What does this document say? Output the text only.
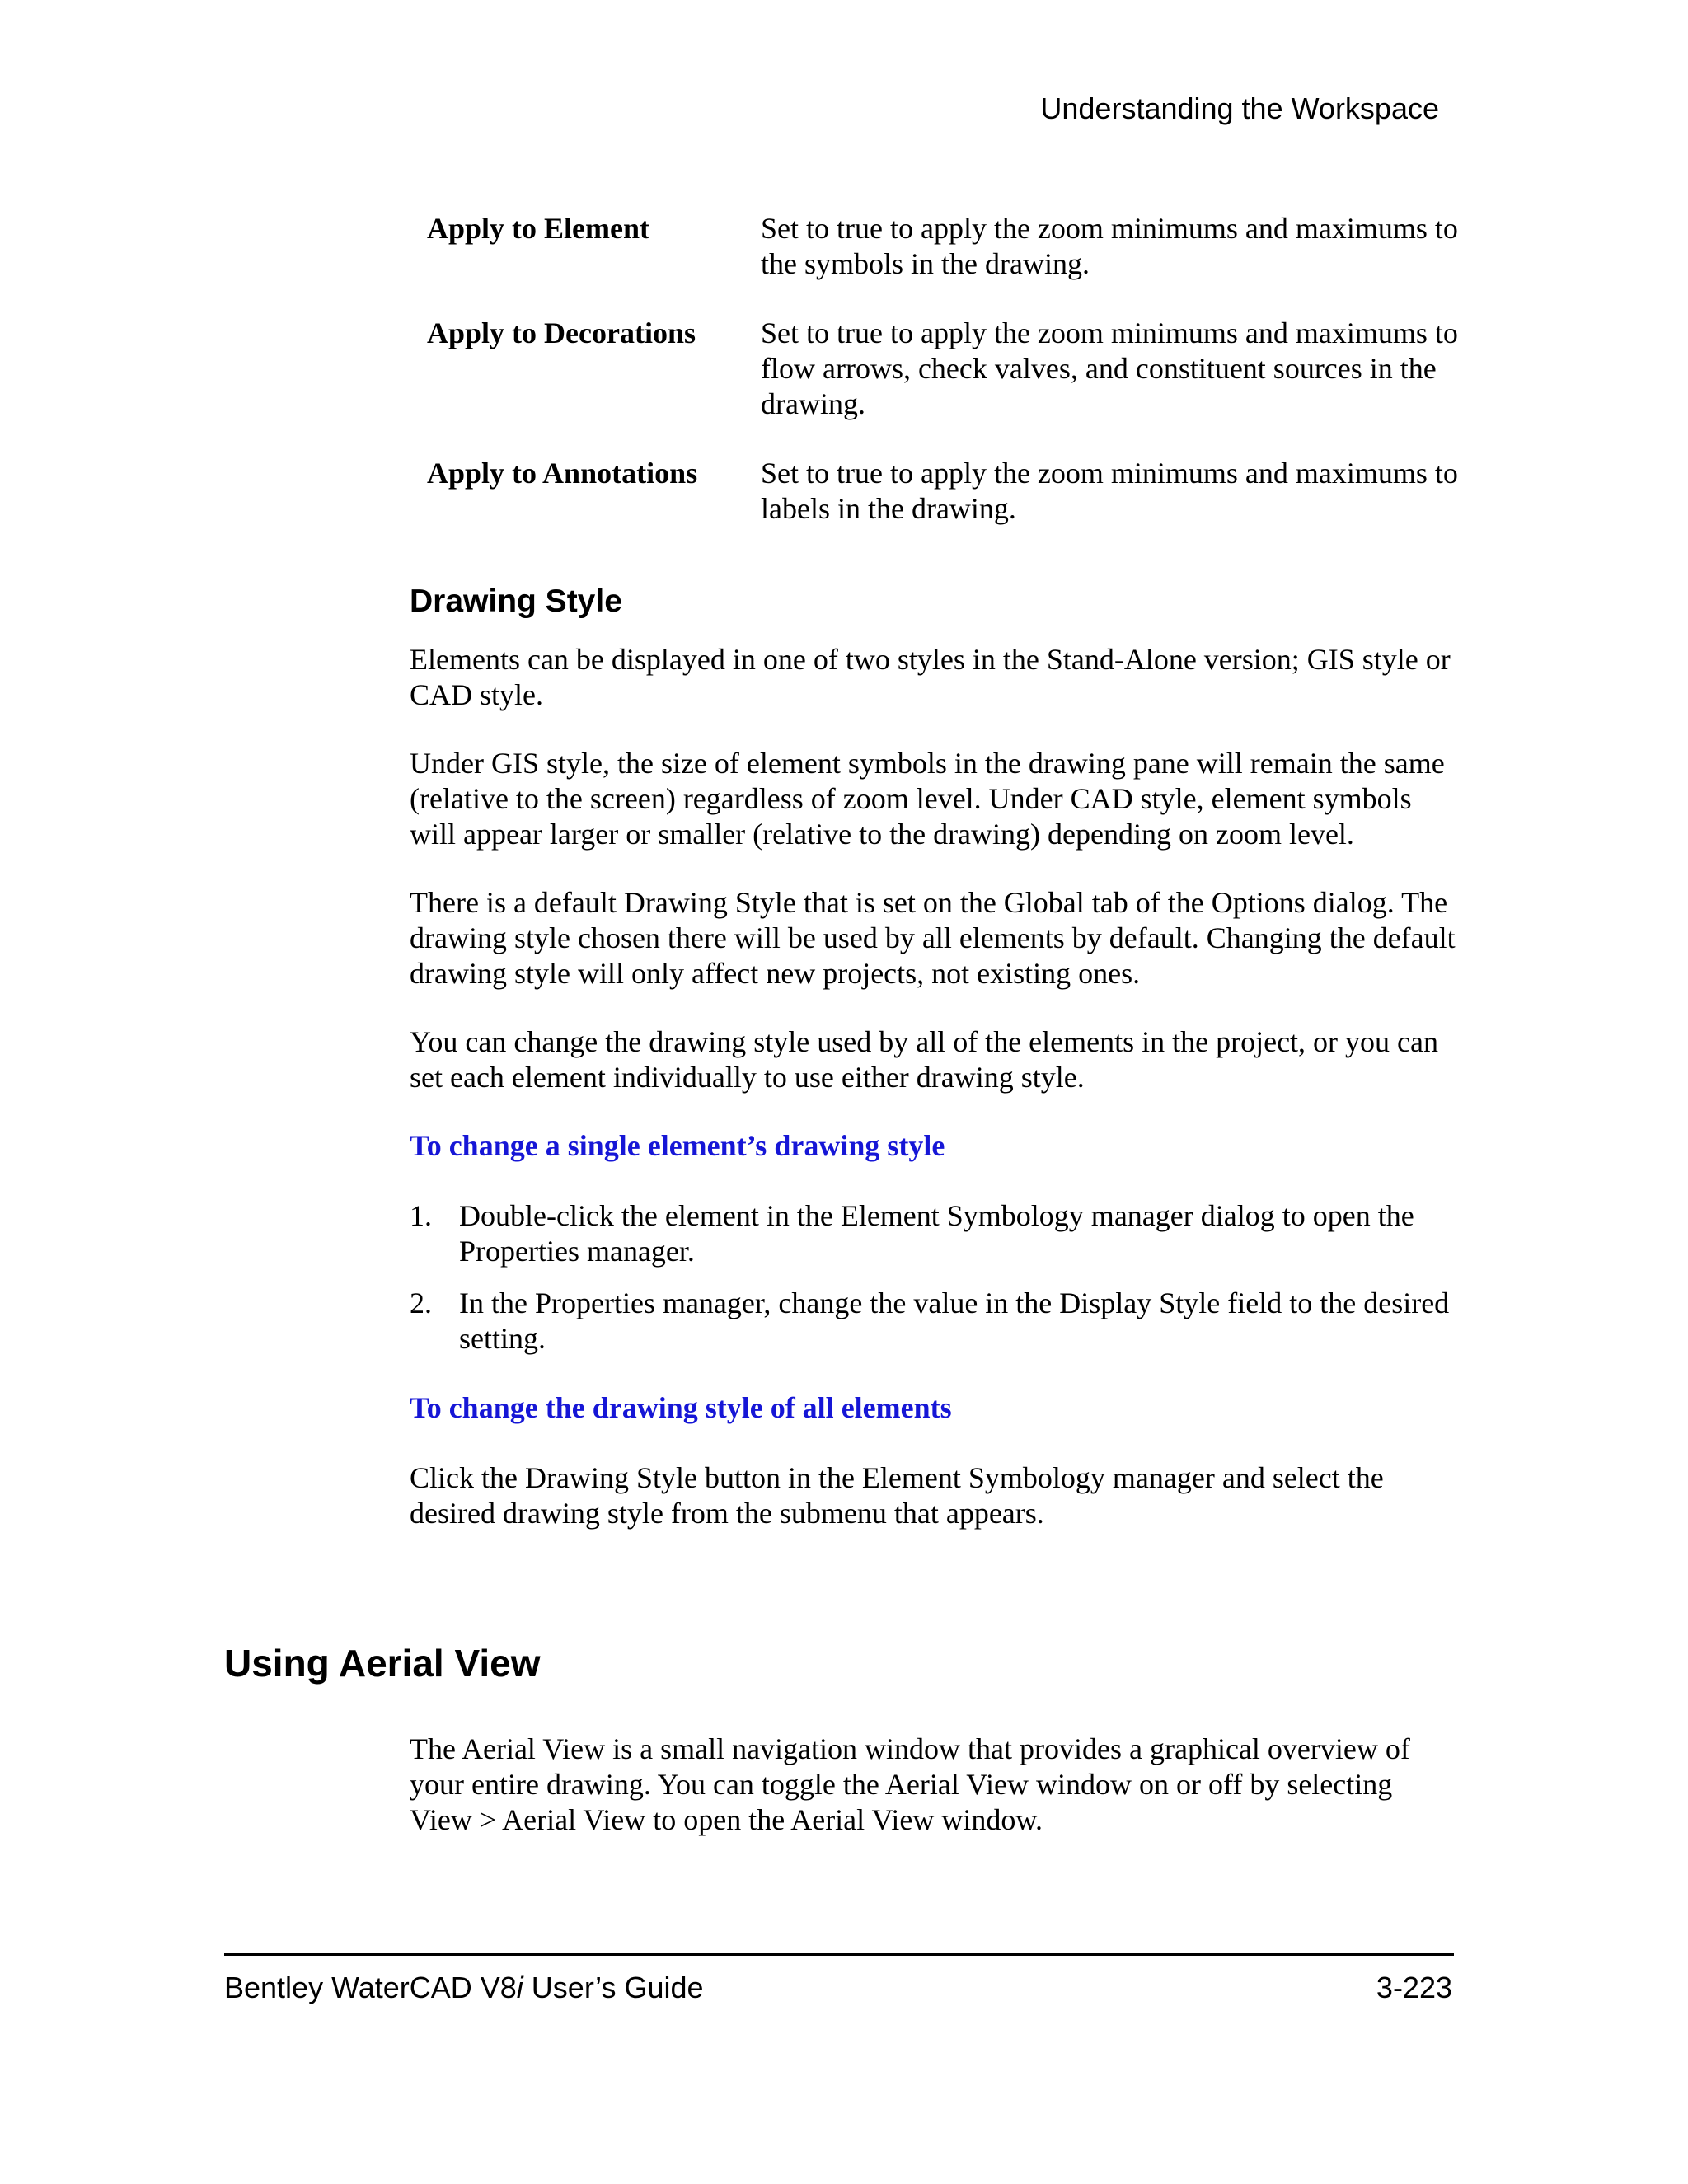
Understanding the Workspace
Apply to Element	Set to true to apply the zoom minimums and maximums to the symbols in the drawing.
Apply to Decorations	Set to true to apply the zoom minimums and maximums to flow arrows, check valves, and constituent sources in the drawing.
Apply to Annotations	Set to true to apply the zoom minimums and maximums to labels in the drawing.
Drawing Style

Elements can be displayed in one of two styles in the Stand-Alone version; GIS style or CAD style.

Under GIS style, the size of element symbols in the drawing pane will remain the same (relative to the screen) regardless of zoom level. Under CAD style, element symbols will appear larger or smaller (relative to the drawing) depending on zoom level.

There is a default Drawing Style that is set on the Global tab of the Options dialog. The drawing style chosen there will be used by all elements by default. Changing the default drawing style will only affect new projects, not existing ones.

You can change the drawing style used by all of the elements in the project, or you can set each element individually to use either drawing style.

To change a single element’s drawing style

1. Double-click the element in the Element Symbology manager dialog to open the Properties manager.
2. In the Properties manager, change the value in the Display Style field to the desired setting.

To change the drawing style of all elements

Click the Drawing Style button in the Element Symbology manager and select the desired drawing style from the submenu that appears.

Using Aerial View

The Aerial View is a small navigation window that provides a graphical overview of your entire drawing. You can toggle the Aerial View window on or off by selecting View > Aerial View to open the Aerial View window.

Bentley WaterCAD V8i User’s Guide	3-223
